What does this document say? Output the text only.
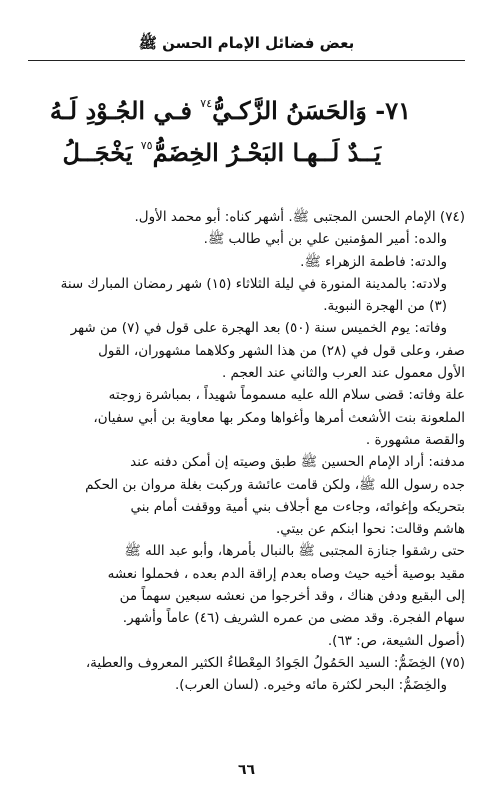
بعض فضائل الإمام الحسن ﷺ
٧١- وَالحَسَنُ الزَّكـيُّ$^{٧٤}$ فـي الجُـوْدِ لَـهُ
يَــدٌ لَــهـا البَحْـرُ الخِضَمُّ$^{٧٥}$ يَخْجَــلُ
(٧٤) الإمام الحسن المجتبى ﷺ. أشهر كناه: أبو محمد الأول.
والده: أمير المؤمنين علي بن أبي طالب ﷺ.
والدته: فاطمة الزهراء ﷺ.
ولادته: بالمدينة المنورة في ليلة الثلاثاء (١٥) شهر رمضان المبارك سنة
(٣) من الهجرة النبوية.
وفاته: يوم الخميس سنة (٥٠) بعد الهجرة على قول في (٧) من شهر
صفر، وعلى قول في (٢٨) من هذا الشهر وكلاهما مشهوران، القول
الأول معمول عند العرب والثاني عند العجم .
علة وفاته: قضى سلام الله عليه مسموماً شهيداً ، بمباشرة زوجته
الملعونة بنت الأشعث أمرها وأغواها ومكر بها معاوية بن أبي سفيان،
والقصة مشهورة .
مدفنه: أراد الإمام الحسين ﷺ طبق وصيته إن أمكن دفنه عند
جده رسول الله ﷺ، ولكن قامت عائشة وركبت بغلة مروان بن الحكم
بتحريكه وإغوائه، وجاءت مع أجلاف بني أمية ووقفت أمام بني
هاشم وقالت: نحوا ابنكم عن بيتي.
حتى رشقوا جنازة المجتبى ﷺ بالنبال بأمرها، وأبو عبد الله ﷺ
مقيد بوصية أخيه حيث وصاه بعدم إراقة الدم بعده ، فحملوا نعشه
إلى البقيع ودفن هناك ، وقد أخرجوا من نعشه سبعين سهماً من
سهام الفجرة. وقد مضى من عمره الشريف (٤٦) عاماً وأشهر.
(أصول الشيعة، ص: ٦٣).
(٧٥) الخِضَمُّ: السيد الحَمُولُ الجَوادُ المِعْطاءُ الكثير المعروف والعطية،
والخِضَمُّ: البحر لكثرة مائه وخيره. (لسان العرب).
٦٦
